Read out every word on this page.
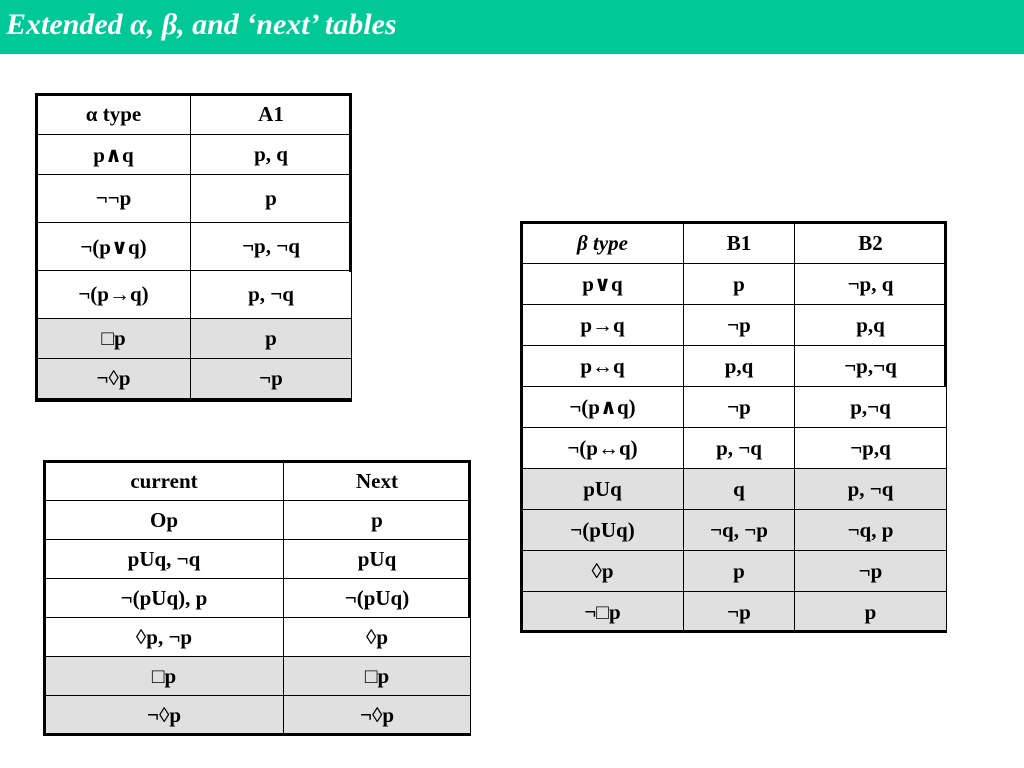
Extended α, β, and ‘next’ tables
α type	A1
p∧q	p, q
¬¬p	p
¬(p∨q)	¬p, ¬q
¬(p→q)	p, ¬q
□p	p
¬◊p	¬p
β type	B1	B2
p∨q	p	¬p, q
p→q	¬p	p,q
p↔q	p,q	¬p,¬q
¬(p∧q)	¬p	p,¬q
¬(p↔q)	p, ¬q	¬p,q
pUq	q	p, ¬q
¬(pUq)	¬q, ¬p	¬q, p
◊p	p	¬p
¬□p	¬p	p
current	Next
Op	p
pUq, ¬q	pUq
¬(pUq), p	¬(pUq)
◊p, ¬p	◊p
□p	□p
¬◊p	¬◊p
